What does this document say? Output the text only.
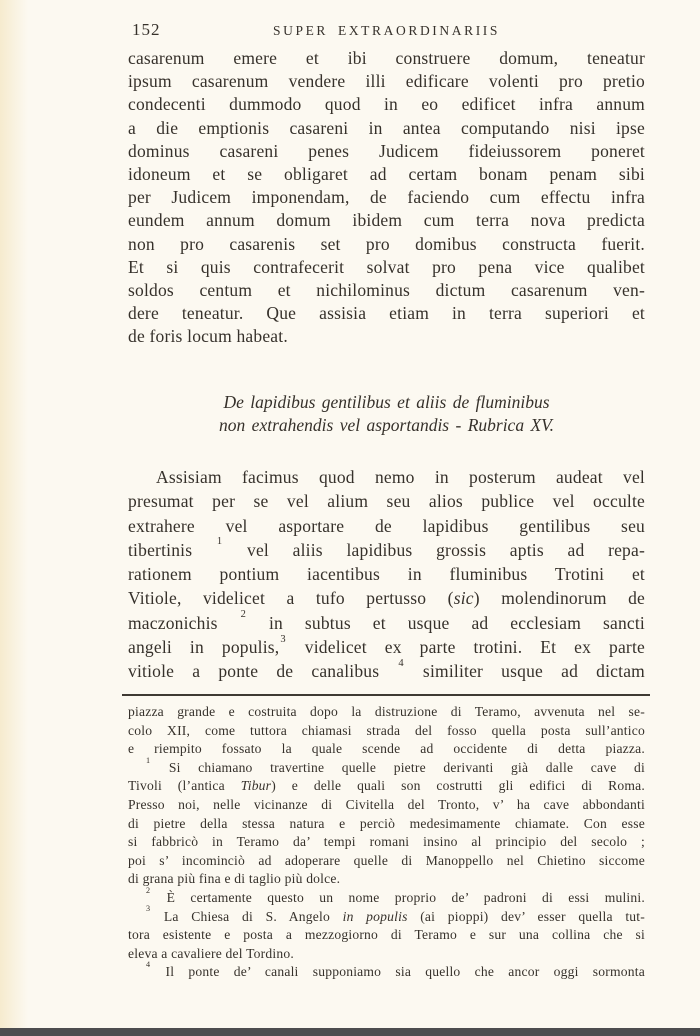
152	SUPER EXTRAORDINARIIS
casarenum emere et ibi construere domum, teneatur
ipsum casarenum vendere illi edificare volenti pro pretio
condecenti dummodo quod in eo edificet infra annum
a die emptionis casareni in antea computando nisi ipse
dominus casareni penes Judicem fideiussorem poneret
idoneum et se obligaret ad certam bonam penam sibi
per Judicem imponendam, de faciendo cum effectu infra
eundem annum domum ibidem cum terra nova predicta
non pro casarenis set pro domibus constructa fuerit.
Et si quis contrafecerit solvat pro pena vice qualibet
soldos centum et nichilominus dictum casarenum ven-
dere teneatur. Que assisia etiam in terra superiori et
de foris locum habeat.
De lapidibus gentilibus et aliis de fluminibus
non extrahendis vel asportandis - Rubrica XV.
Assisiam facimus quod nemo in posterum audeat vel
presumat per se vel alium seu alios publice vel occulte
extrahere vel asportare de lapidibus gentilibus seu
tibertinis $^1$ vel aliis lapidibus grossis aptis ad repa-
rationem pontium iacentibus in fluminibus Trotini et
Vitiole, videlicet a tufo pertusso (sic) molendinorum de
maczonichis $^2$ in subtus et usque ad ecclesiam sancti
angeli in populis,$^3$ videlicet ex parte trotini. Et ex parte
vitiole a ponte de canalibus $^4$ similiter usque ad dictam
piazza grande e costruita dopo la distruzione di Teramo, avvenuta nel se-
colo XII, come tuttora chiamasi strada del fosso quella posta sull’antico
e riempito fossato la quale scende ad occidente di detta piazza.
$^1$ Si chiamano travertine quelle pietre derivanti già dalle cave di
Tivoli (l’antica Tibur) e delle quali son costrutti gli edifici di Roma.
Presso noi, nelle vicinanze di Civitella del Tronto, v’ ha cave abbondanti
di pietre della stessa natura e perciò medesimamente chiamate. Con esse
si fabbricò in Teramo da’ tempi romani insino al principio del secolo ;
poi s’ incominciò ad adoperare quelle di Manoppello nel Chietino siccome
di grana più fina e di taglio più dolce.
$^2$ È certamente questo un nome proprio de’ padroni di essi mulini.
$^3$ La Chiesa di S. Angelo in populis (ai pioppi) dev’ esser quella tut-
tora esistente e posta a mezzogiorno di Teramo e sur una collina che si
eleva a cavaliere del Tordino.
$^4$ Il ponte de’ canali supponiamo sia quello che ancor oggi sormonta
